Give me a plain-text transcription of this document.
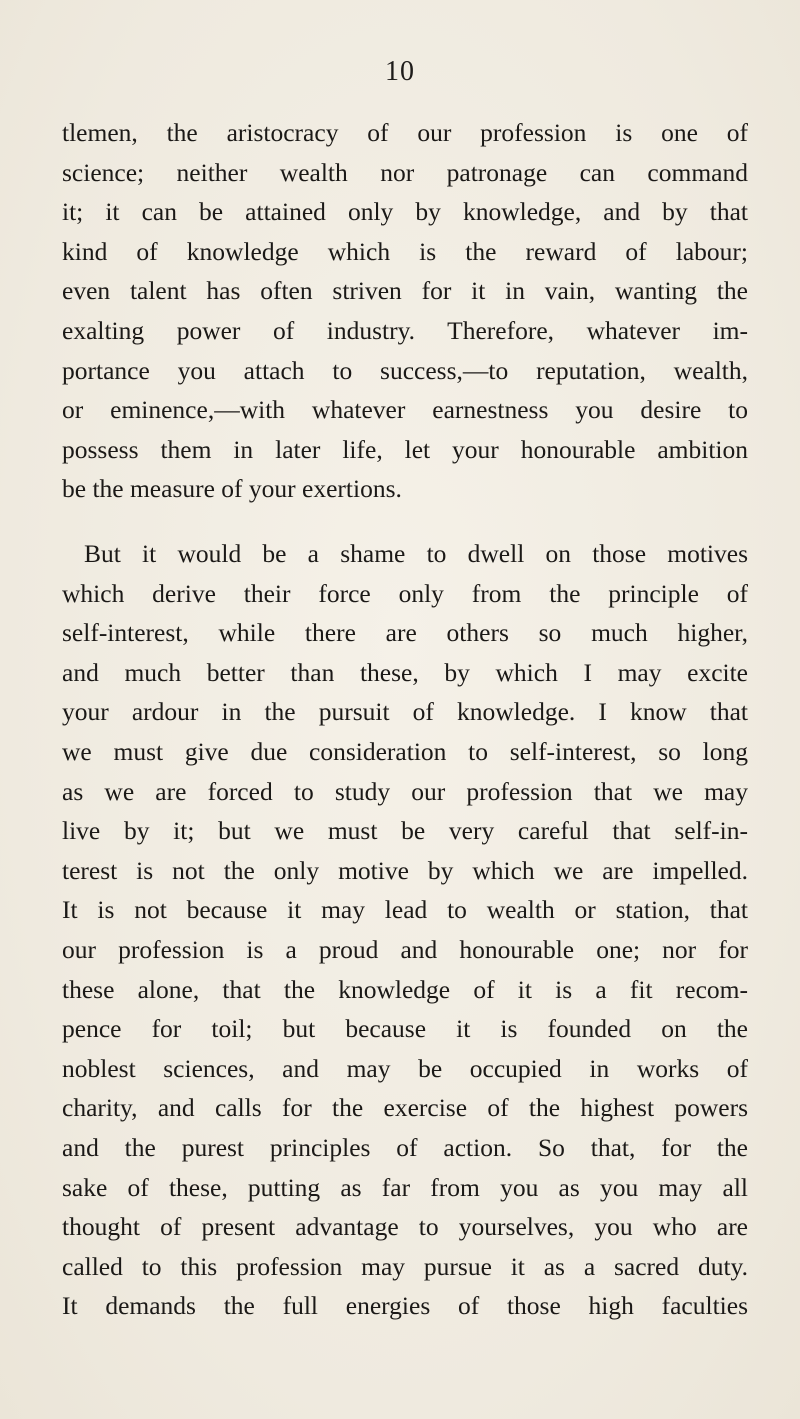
10
tlemen, the aristocracy of our profession is one of
science; neither wealth nor patronage can command
it; it can be attained only by knowledge, and by that
kind of knowledge which is the reward of labour;
even talent has often striven for it in vain, wanting the
exalting power of industry. Therefore, whatever im-
portance you attach to success,—to reputation, wealth,
or eminence,—with whatever earnestness you desire to
possess them in later life, let your honourable ambition
be the measure of your exertions.
But it would be a shame to dwell on those motives
which derive their force only from the principle of
self-interest, while there are others so much higher,
and much better than these, by which I may excite
your ardour in the pursuit of knowledge. I know that
we must give due consideration to self-interest, so long
as we are forced to study our profession that we may
live by it; but we must be very careful that self-in-
terest is not the only motive by which we are impelled.
It is not because it may lead to wealth or station, that
our profession is a proud and honourable one; nor for
these alone, that the knowledge of it is a fit recom-
pence for toil; but because it is founded on the
noblest sciences, and may be occupied in works of
charity, and calls for the exercise of the highest powers
and the purest principles of action. So that, for the
sake of these, putting as far from you as you may all
thought of present advantage to yourselves, you who are
called to this profession may pursue it as a sacred duty.
It demands the full energies of those high faculties
